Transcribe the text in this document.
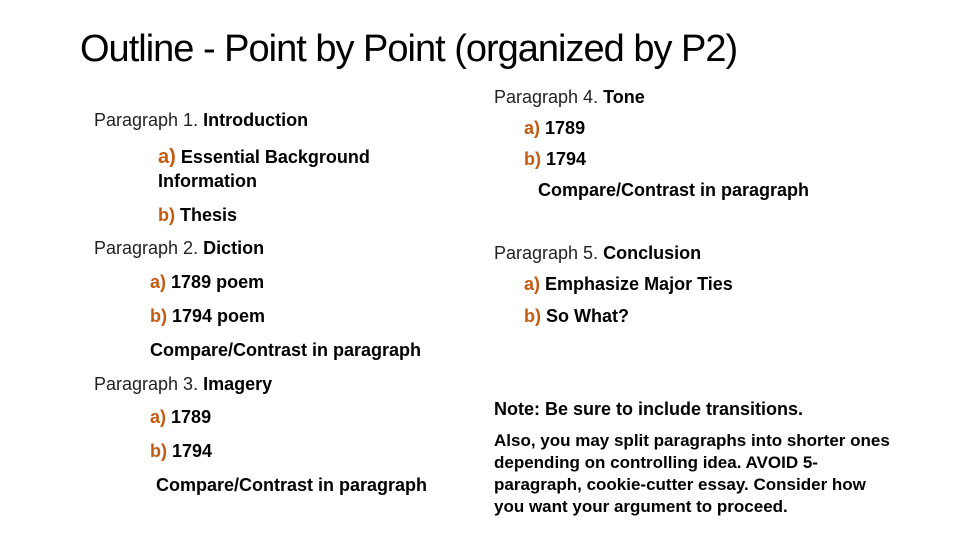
Outline - Point by Point (organized by P2)
Paragraph 1. Introduction
a) Essential Background
Information
b) Thesis
Paragraph 2. Diction
a) 1789 poem
b) 1794 poem
Compare/Contrast in paragraph
Paragraph 3. Imagery
a) 1789
b) 1794
Compare/Contrast in paragraph
Paragraph 4. Tone
a) 1789
b) 1794
Compare/Contrast in paragraph
Paragraph 5. Conclusion
a) Emphasize Major Ties
b) So What?
Note: Be sure to include transitions.
Also, you may split paragraphs into shorter ones
depending on controlling idea. AVOID 5-
paragraph, cookie-cutter essay. Consider how
you want your argument to proceed.
